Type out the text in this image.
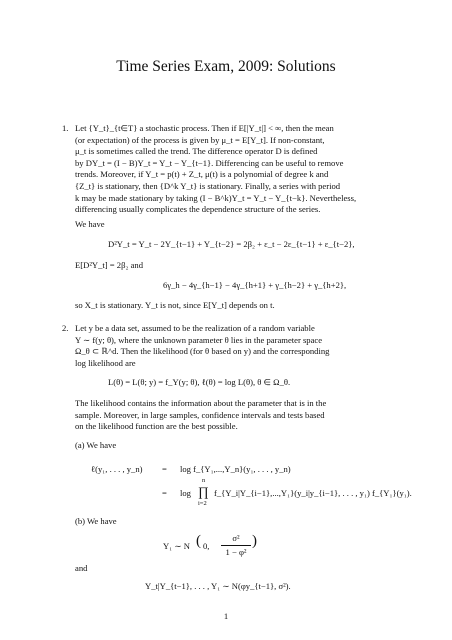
Time Series Exam, 2009: Solutions
1. Let {Y_t}_{t∈T} a stochastic process. Then if E[|Y_t|] < ∞, then the mean
(or expectation) of the process is given by μ_t = E[Y_t]. If non-constant,
μ_t is sometimes called the trend. The difference operator D is defined
by DY_t = (I − B)Y_t = Y_t − Y_{t−1}. Differencing can be useful to remove
trends. Moreover, if Y_t = p(t) + Z_t, μ(t) is a polynomial of degree k and
{Z_t} is stationary, then {D^k Y_t} is stationary. Finally, a series with period
k may be made stationary by taking (I − B^k)Y_t = Y_t − Y_{t−k}. Nevertheless,
differencing usually complicates the dependence structure of the series.
We have
D²Y_t = Y_t − 2Y_{t−1} + Y_{t−2} = 2β₂ + ε_t − 2ε_{t−1} + ε_{t−2},
E[D²Y_t] = 2β₂ and
6γ_h − 4γ_{h−1} − 4γ_{h+1} + γ_{h−2} + γ_{h+2},
so X_t is stationary. Y_t is not, since E[Y_t] depends on t.
2. Let y be a data set, assumed to be the realization of a random variable
Y ∼ f(y; θ), where the unknown parameter θ lies in the parameter space
Ω_θ ⊂ ℝ^d. Then the likelihood (for θ based on y) and the corresponding
log likelihood are
L(θ) = L(θ; y) = f_Y(y; θ), ℓ(θ) = log L(θ), θ ∈ Ω_θ.
The likelihood contains the information about the parameter that is in the
sample. Moreover, in large samples, confidence intervals and tests based
on the likelihood function are the best possible.
(a) We have
ℓ(y₁, . . . , y_n) = log f_{Y₁,...,Y_n}(y₁, . . . , y_n)
= log
n
∏
i=2
f_{Y_i|Y_{i−1},...,Y₁}(y_i|y_{i−1}, . . . , y₁) f_{Y₁}(y₁).
(b) We have
Y₁ ∼ N ( 0,
σ²
1 − φ²
)
and
Y_t|Y_{t−1}, . . . , Y₁ ∼ N(φy_{t−1}, σ²).
1
